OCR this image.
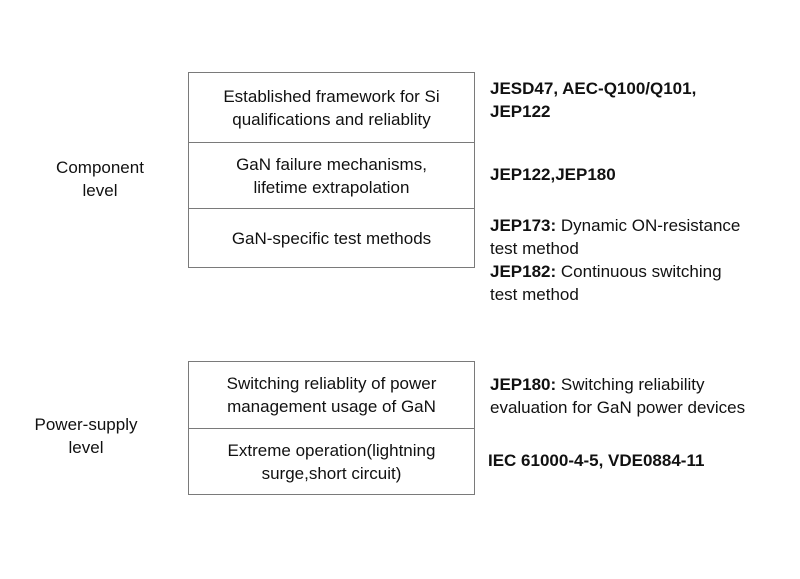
Component
level
Established framework for Si
qualifications and reliablity
GaN failure mechanisms,
lifetime extrapolation
GaN-specific test methods
JESD47, AEC-Q100/Q101,
JEP122
JEP122,JEP180
JEP173: Dynamic ON-resistance
test method
JEP182: Continuous switching
test method
Power-supply
level
Switching reliablity of power
management usage of GaN
Extreme operation(lightning
surge,short circuit)
JEP180: Switching reliability
evaluation for GaN power devices
IEC 61000-4-5, VDE0884-11
